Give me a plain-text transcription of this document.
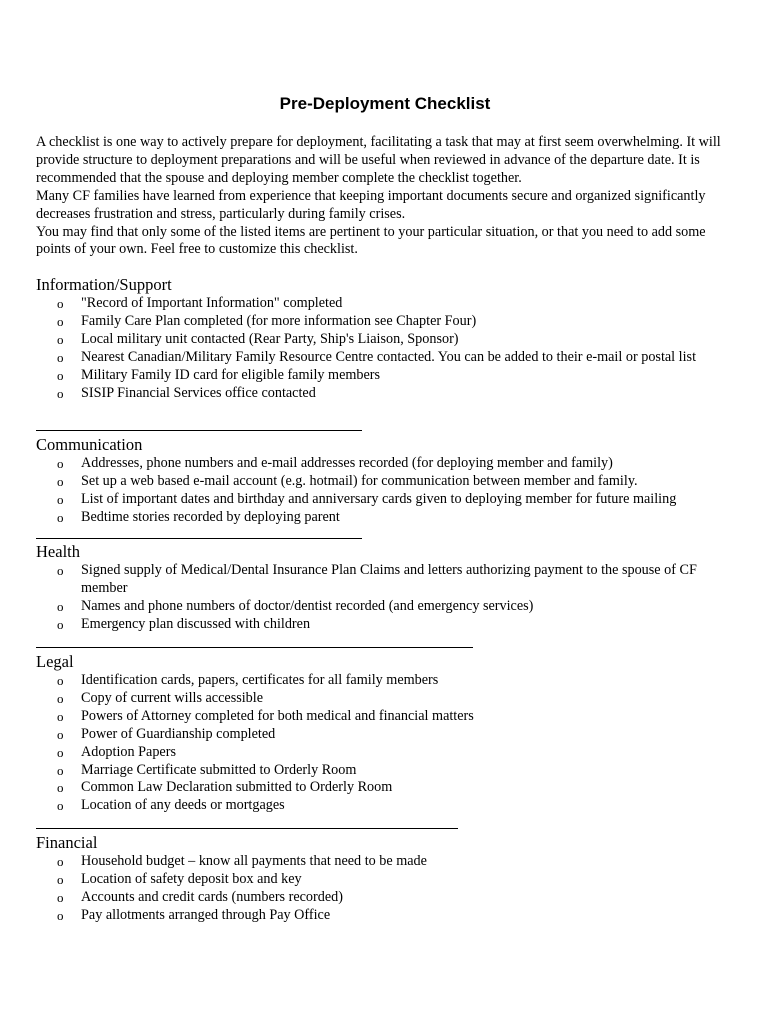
Pre-Deployment Checklist

A checklist is one way to actively prepare for deployment, facilitating a task that may at first seem overwhelming. It will provide structure to deployment preparations and will be useful when reviewed in advance of the departure date. It is recommended that the spouse and deploying member complete the checklist together.

Many CF families have learned from experience that keeping important documents secure and organized significantly decreases frustration and stress, particularly during family crises.

You may find that only some of the listed items are pertinent to your particular situation, or that you need to add some points of your own. Feel free to customize this checklist.

Information/Support
o "Record of Important Information" completed
o Family Care Plan completed (for more information see Chapter Four)
o Local military unit contacted (Rear Party, Ship's Liaison, Sponsor)
o Nearest Canadian/Military Family Resource Centre contacted. You can be added to their e-mail or postal list
o Military Family ID card for eligible family members
o SISIP Financial Services office contacted
Communication
o Addresses, phone numbers and e-mail addresses recorded (for deploying member and family)
o Set up a web based e-mail account (e.g. hotmail) for communication between member and family.
o List of important dates and birthday and anniversary cards given to deploying member for future mailing
o Bedtime stories recorded by deploying parent
Health
o Signed supply of Medical/Dental Insurance Plan Claims and letters authorizing payment to the spouse of CF member
o Names and phone numbers of doctor/dentist recorded (and emergency services)
o Emergency plan discussed with children
Legal
o Identification cards, papers, certificates for all family members
o Copy of current wills accessible
o Powers of Attorney completed for both medical and financial matters
o Power of Guardianship completed
o Adoption Papers
o Marriage Certificate submitted to Orderly Room
o Common Law Declaration submitted to Orderly Room
o Location of any deeds or mortgages
Financial
o Household budget – know all payments that need to be made
o Location of safety deposit box and key
o Accounts and credit cards (numbers recorded)
o Pay allotments arranged through Pay Office
